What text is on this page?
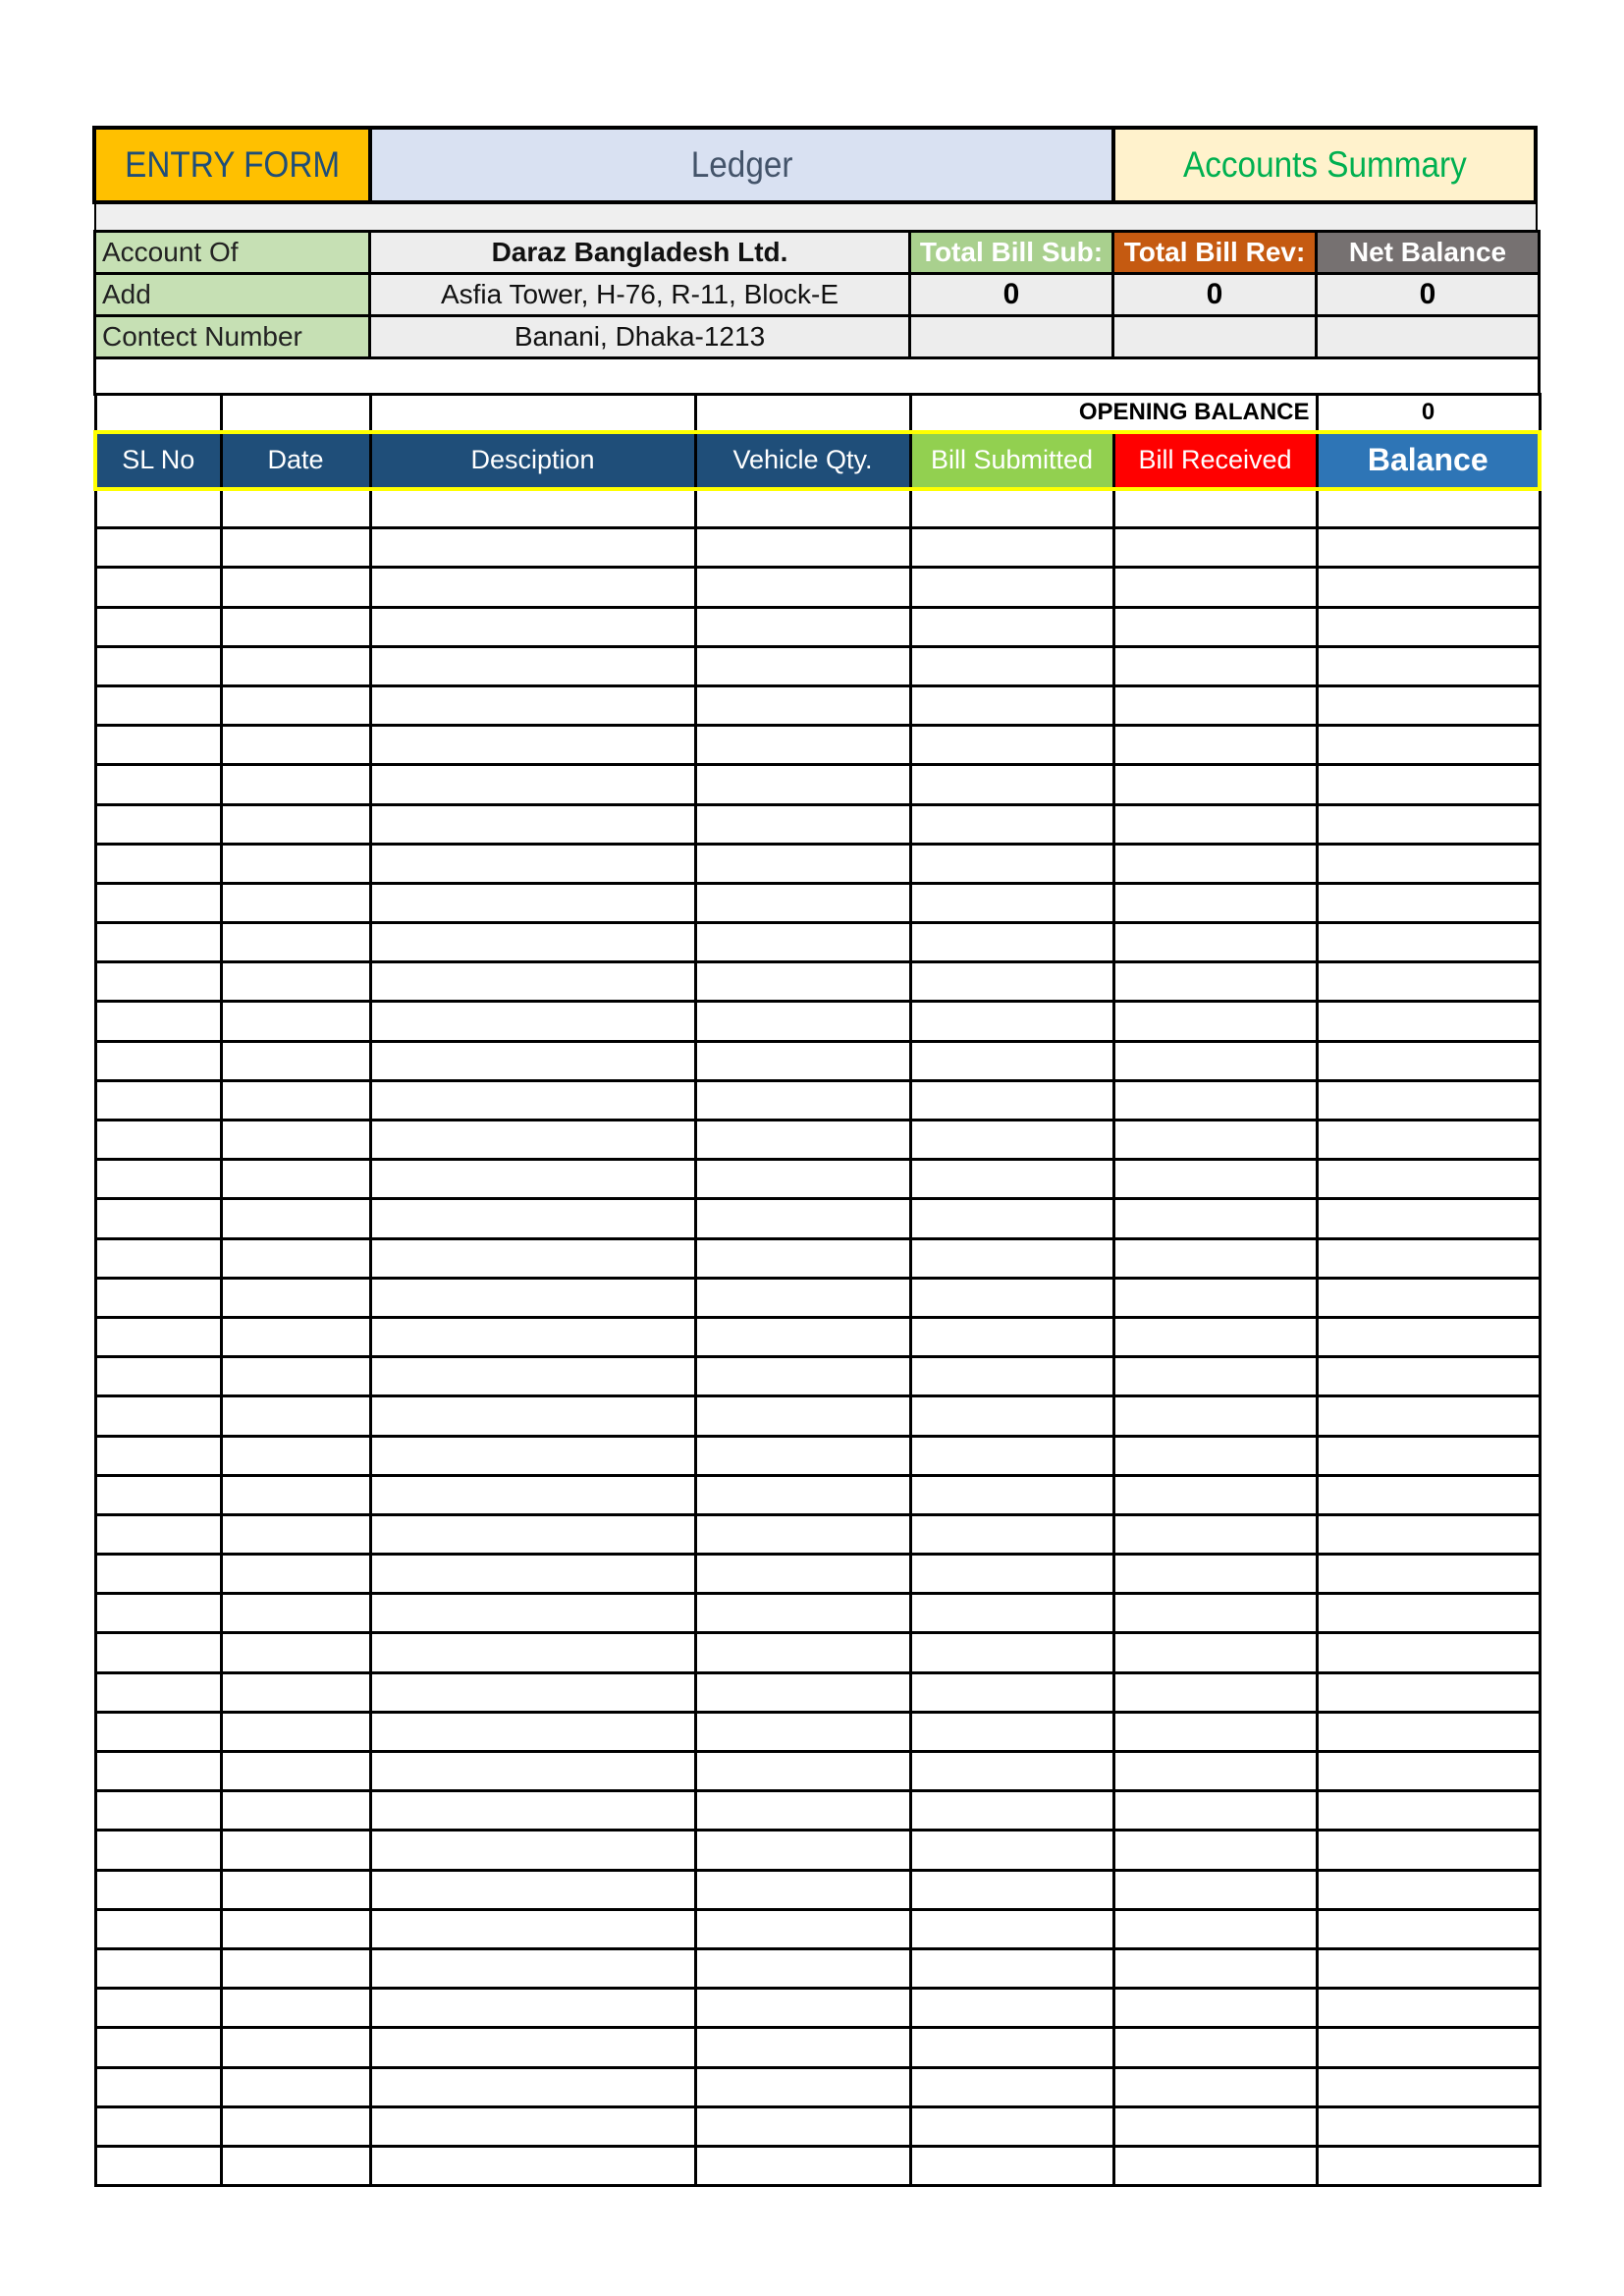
ENTRY FORM	Ledger	Accounts Summary
Account Of	Daraz Bangladesh Ltd.	Total Bill Sub:	Total Bill Rev:	Net Balance
Add	Asfia Tower, H-76, R-11, Block-E	0	0	0
Contect Number	Banani, Dhaka-1213			

				OPENING BALANCE		0
SL No	Date	Desciption	Vehicle Qty.	Bill Submitted	Bill Received	Balance
